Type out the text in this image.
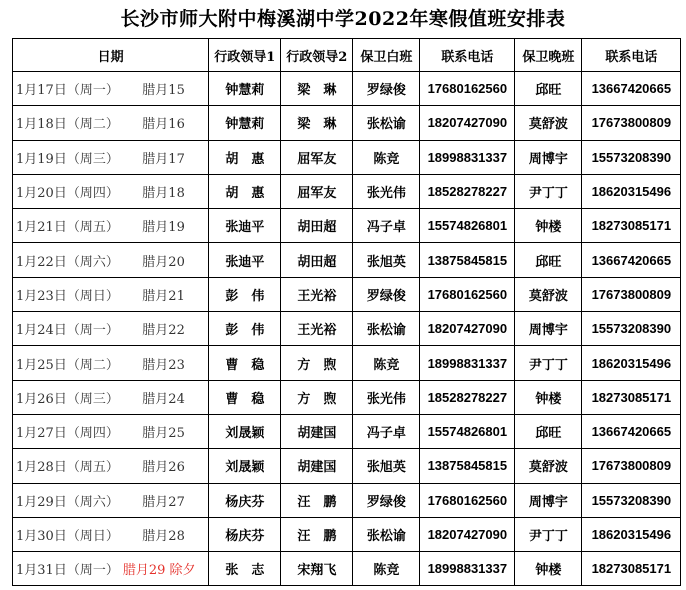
长沙市师大附中梅溪湖中学2022年寒假值班安排表
日期		行政领导1	行政领导2	保卫白班	联系电话	保卫晚班	联系电话
1月17日（周一）	腊月15	钟慧莉	梁　琳	罗绿俊	17680162560	邱旺	13667420665
1月18日（周二）	腊月16	钟慧莉	梁　琳	张松谕	18207427090	莫舒波	17673800809
1月19日（周三）	腊月17	胡　惠	屈军友	陈竞	18998831337	周博宇	15573208390
1月20日（周四）	腊月18	胡　惠	屈军友	张光伟	18528278227	尹丁丁	18620315496
1月21日（周五）	腊月19	张迪平	胡田超	冯子卓	15574826801	钟楼	18273085171
1月22日（周六）	腊月20	张迪平	胡田超	张旭英	13875845815	邱旺	13667420665
1月23日（周日）	腊月21	彭　伟	王光裕	罗绿俊	17680162560	莫舒波	17673800809
1月24日（周一）	腊月22	彭　伟	王光裕	张松谕	18207427090	周博宇	15573208390
1月25日（周二）	腊月23	曹　稳	方　煦	陈竞	18998831337	尹丁丁	18620315496
1月26日（周三）	腊月24	曹　稳	方　煦	张光伟	18528278227	钟楼	18273085171
1月27日（周四）	腊月25	刘晟颖	胡建国	冯子卓	15574826801	邱旺	13667420665
1月28日（周五）	腊月26	刘晟颖	胡建国	张旭英	13875845815	莫舒波	17673800809
1月29日（周六）	腊月27	杨庆芬	汪　鹏	罗绿俊	17680162560	周博宇	15573208390
1月30日（周日）	腊月28	杨庆芬	汪　鹏	张松谕	18207427090	尹丁丁	18620315496
1月31日（周一）	腊月29 除夕	张　志	宋翔飞	陈竞	18998831337	钟楼	18273085171
